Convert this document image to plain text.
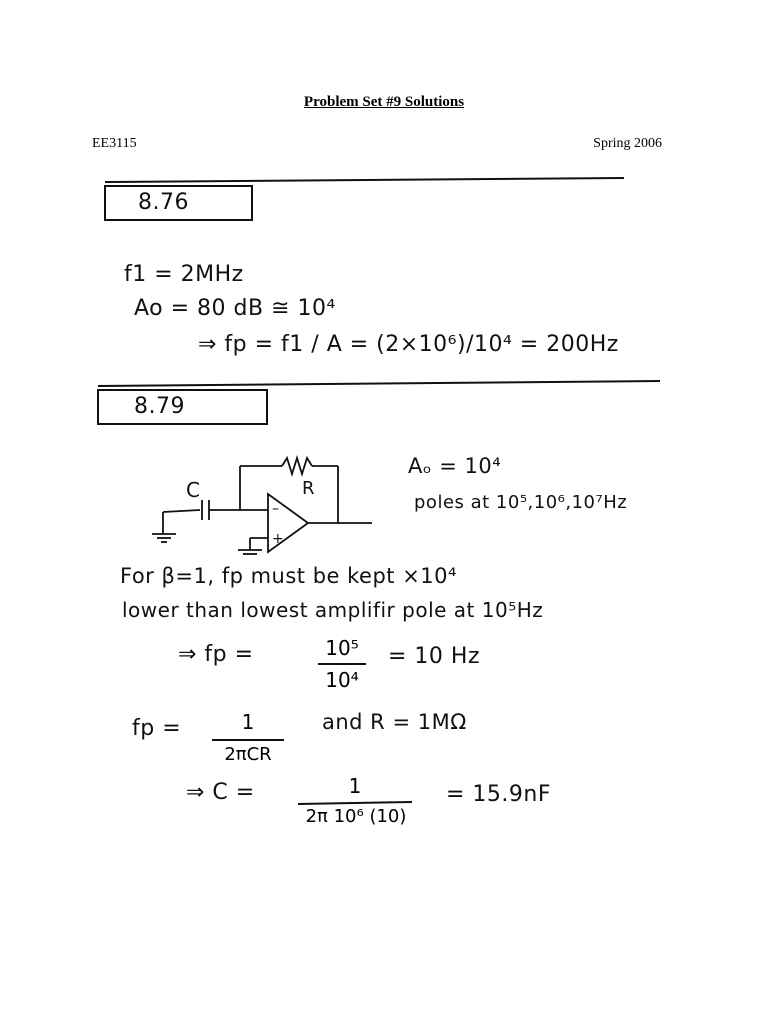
Problem Set #9 Solutions
EE3115	Spring 2006
–
+
8.76
f1 = 2MHz
Ao = 80 dB ≅ 10⁴
⇒ fp = f1 / A = (2×10⁶)/10⁴ = 200Hz
8.79
C	R
Aₒ = 10⁴
poles at 10⁵,10⁶,10⁷Hz
For β=1, fp must be kept ×10⁴
lower than lowest amplifir pole at 10⁵Hz
⇒ fp =	10⁵
10⁴
= 10 Hz
fp =	1
2πCR
and R = 1MΩ
⇒ C =	1
2π 10⁶ (10)
= 15.9nF
